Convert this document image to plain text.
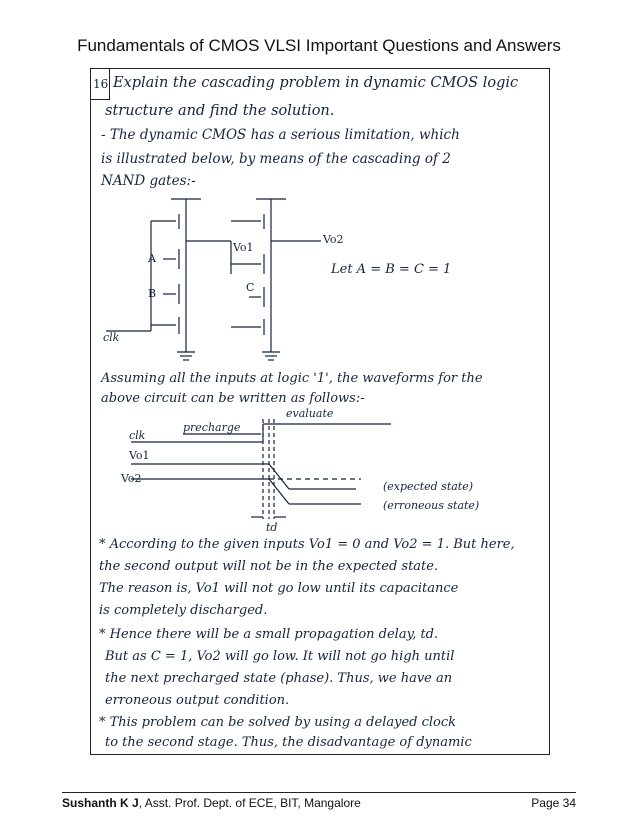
Fundamentals of CMOS VLSI Important Questions and Answers
16 Explain the cascading problem in dynamic CMOS logic
structure and find the solution.
- The dynamic CMOS has a serious limitation, which
is illustrated below, by means of the cascading of 2
NAND gates:-
Vo1
Vo2
A
B	C
clk
Let A = B = C = 1
Assuming all the inputs at logic '1', the waveforms for the
above circuit can be written as follows:-
evaluate
precharge
clk
Vo1
Vo2
(expected state)
(erroneous state)
td
* According to the given inputs Vo1 = 0 and Vo2 = 1. But here,
the second output will not be in the expected state.
The reason is, Vo1 will not go low until its capacitance
is completely discharged.
* Hence there will be a small propagation delay, td.
But as C = 1, Vo2 will go low. It will not go high until
the next precharged state (phase). Thus, we have an
erroneous output condition.
* This problem can be solved by using a delayed clock
to the second stage. Thus, the disadvantage of dynamic
Sushanth K J, Asst. Prof. Dept. of ECE, BIT, Mangalore	Page 34
